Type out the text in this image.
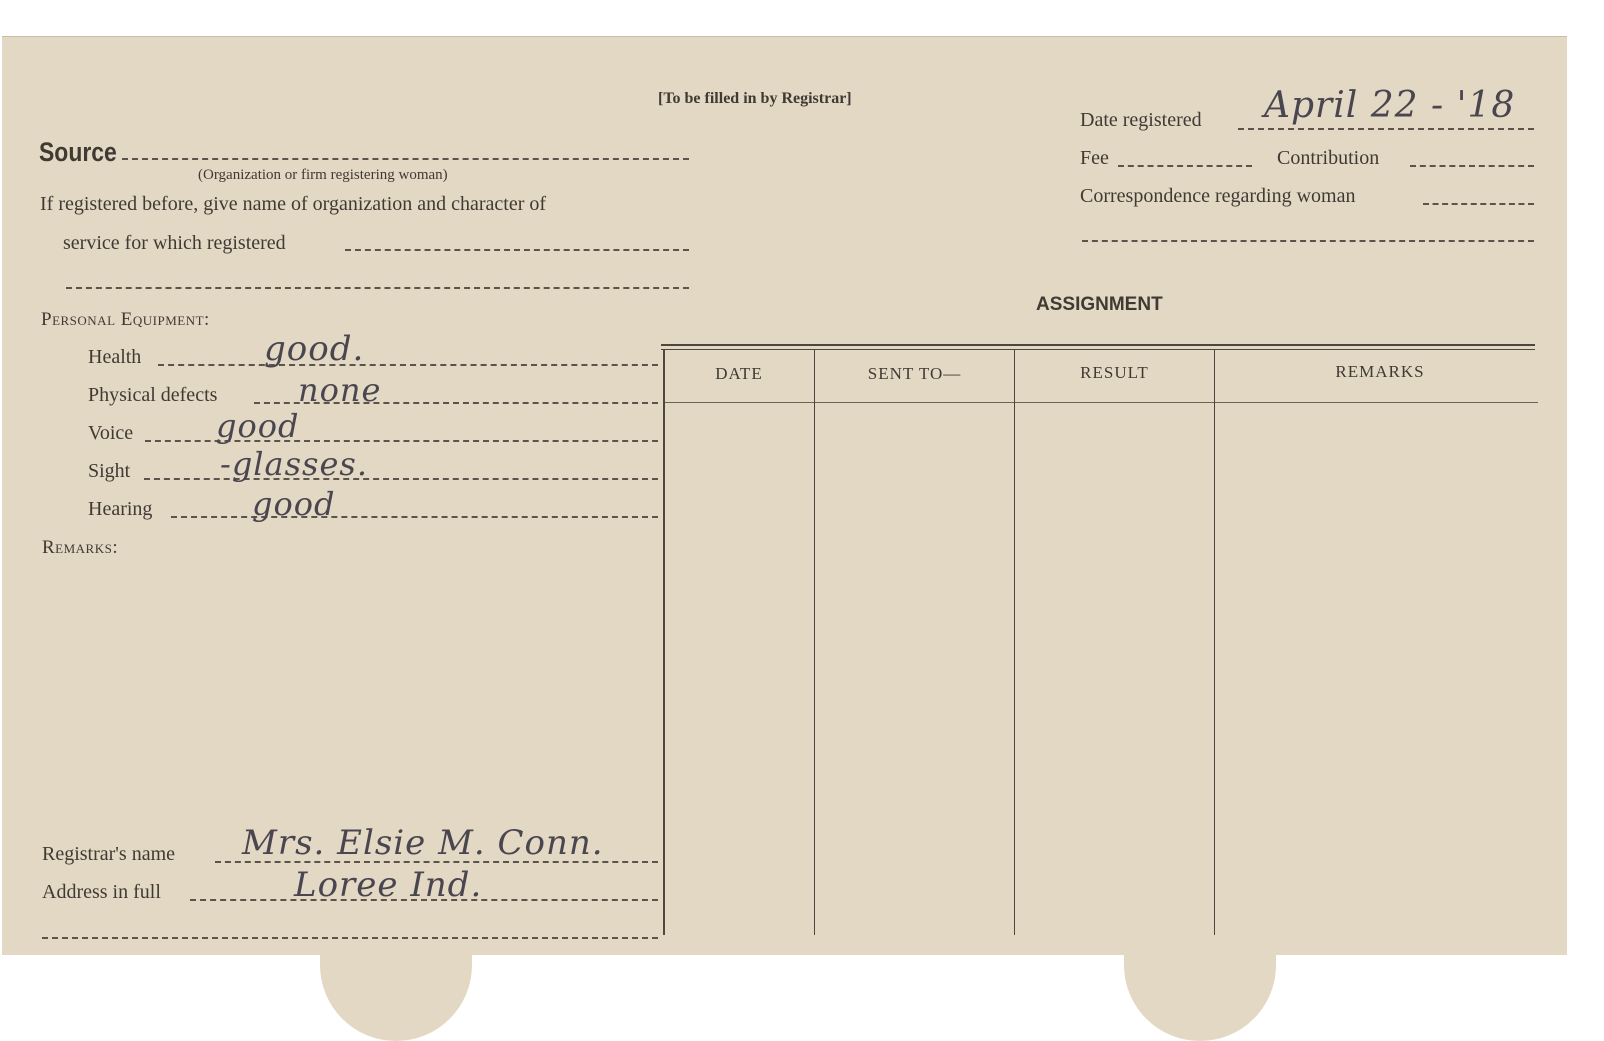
[To be filled in by Registrar]
Source
(Organization or firm registering woman)
If registered before, give name of organization and character of
service for which registered
Date registered April 22 - '18
Fee	Contribution
Correspondence regarding woman
Personal Equipment:
Health	good.
Physical defects	none
Voice	good
Sight	-glasses.
Hearing	good
Remarks:
Registrar's name Mrs. Elsie M. Conn.
Address in full	Loree Ind.
ASSIGNMENT
DATE	SENT TO—	RESULT	REMARKS
